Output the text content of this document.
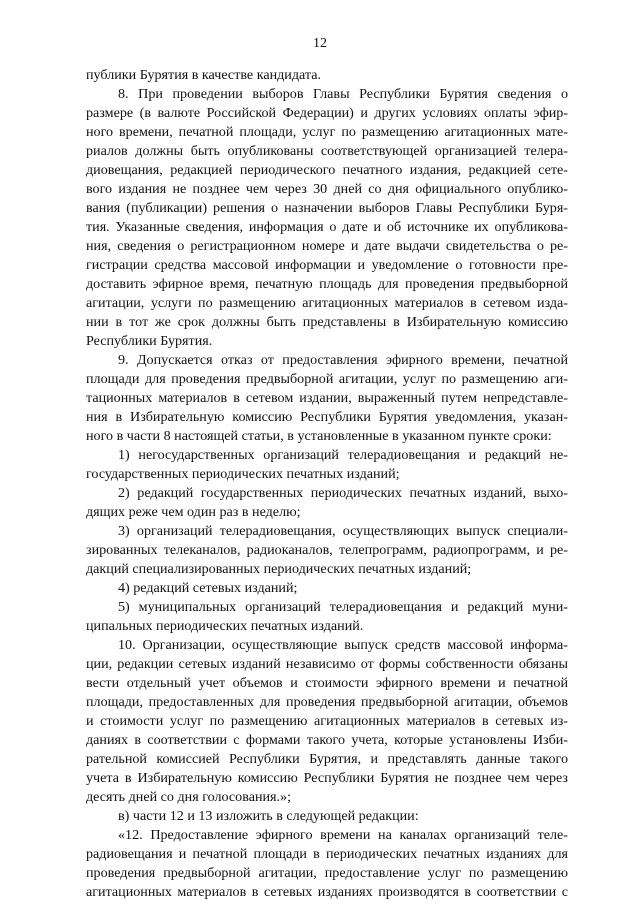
12
публики Бурятия в качестве кандидата.
8. При проведении выборов Главы Республики Бурятия сведения о
размере (в валюте Российской Федерации) и других условиях оплаты эфир-
ного времени, печатной площади, услуг по размещению агитационных мате-
риалов должны быть опубликованы соответствующей организацией телера-
диовещания, редакцией периодического печатного издания, редакцией сете-
вого издания не позднее чем через 30 дней со дня официального опублико-
вания (публикации) решения о назначении выборов Главы Республики Буря-
тия. Указанные сведения, информация о дате и об источнике их опубликова-
ния, сведения о регистрационном номере и дате выдачи свидетельства о ре-
гистрации средства массовой информации и уведомление о готовности пре-
доставить эфирное время, печатную площадь для проведения предвыборной
агитации, услуги по размещению агитационных материалов в сетевом изда-
нии в тот же срок должны быть представлены в Избирательную комиссию
Республики Бурятия.
9. Допускается отказ от предоставления эфирного времени, печатной
площади для проведения предвыборной агитации, услуг по размещению аги-
тационных материалов в сетевом издании, выраженный путем непредставле-
ния в Избирательную комиссию Республики Бурятия уведомления, указан-
ного в части 8 настоящей статьи, в установленные в указанном пункте сроки:
1) негосударственных организаций телерадиовещания и редакций не-
государственных периодических печатных изданий;
2) редакций государственных периодических печатных изданий, выхо-
дящих реже чем один раз в неделю;
3) организаций телерадиовещания, осуществляющих выпуск специали-
зированных телеканалов, радиоканалов, телепрограмм, радиопрограмм, и ре-
дакций специализированных периодических печатных изданий;
4) редакций сетевых изданий;
5) муниципальных организаций телерадиовещания и редакций муни-
ципальных периодических печатных изданий.
10. Организации, осуществляющие выпуск средств массовой информа-
ции, редакции сетевых изданий независимо от формы собственности обязаны
вести отдельный учет объемов и стоимости эфирного времени и печатной
площади, предоставленных для проведения предвыборной агитации, объемов
и стоимости услуг по размещению агитационных материалов в сетевых из-
даниях в соответствии с формами такого учета, которые установлены Изби-
рательной комиссией Республики Бурятия, и представлять данные такого
учета в Избирательную комиссию Республики Бурятия не позднее чем через
десять дней со дня голосования.»;
в) части 12 и 13 изложить в следующей редакции:
«12. Предоставление эфирного времени на каналах организаций теле-
радиовещания и печатной площади в периодических печатных изданиях для
проведения предвыборной агитации, предоставление услуг по размещению
агитационных материалов в сетевых изданиях производятся в соответствии с
